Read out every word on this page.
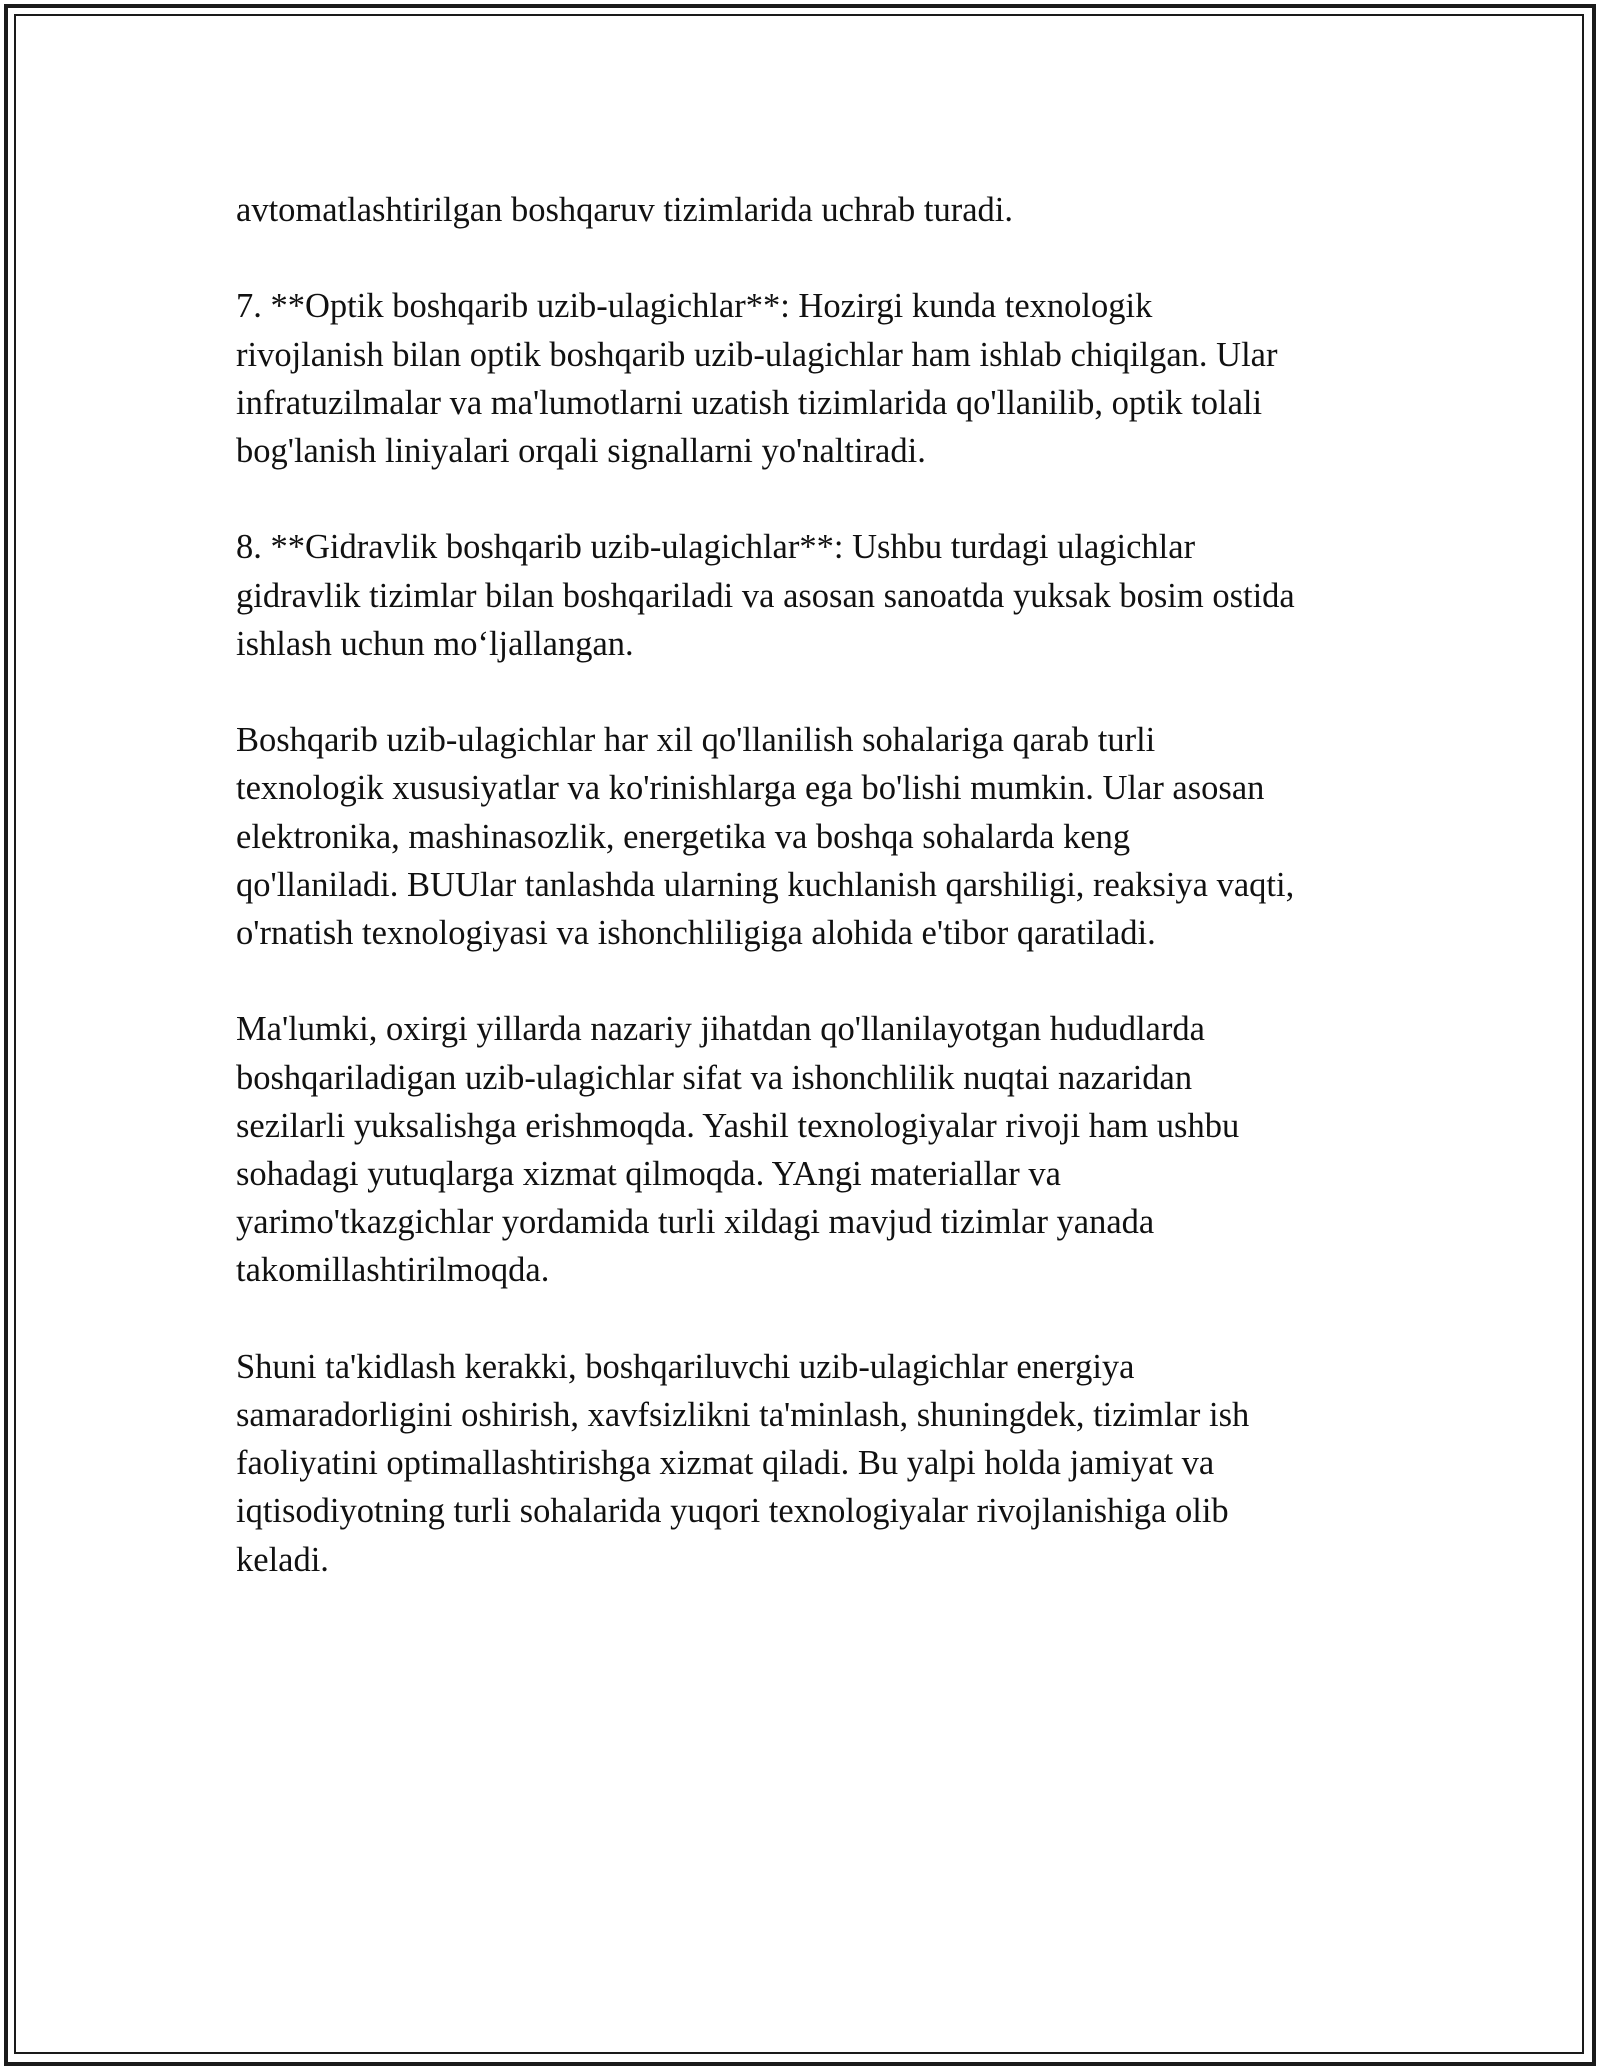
avtomatlashtirilgan boshqaruv tizimlarida uchrab turadi.
7. **Optik boshqarib uzib-ulagichlar**: Hozirgi kunda texnologik
rivojlanish bilan optik boshqarib uzib-ulagichlar ham ishlab chiqilgan. Ular
infratuzilmalar va ma'lumotlarni uzatish tizimlarida qo'llanilib, optik tolali
bog'lanish liniyalari orqali signallarni yo'naltiradi.
8. **Gidravlik boshqarib uzib-ulagichlar**: Ushbu turdagi ulagichlar
gidravlik tizimlar bilan boshqariladi va asosan sanoatda yuksak bosim ostida
ishlash uchun mo‘ljallangan.
Boshqarib uzib-ulagichlar har xil qo'llanilish sohalariga qarab turli
texnologik xususiyatlar va ko'rinishlarga ega bo'lishi mumkin. Ular asosan
elektronika, mashinasozlik, energetika va boshqa sohalarda keng
qo'llaniladi. BUUlar tanlashda ularning kuchlanish qarshiligi, reaksiya vaqti,
o'rnatish texnologiyasi va ishonchliligiga alohida e'tibor qaratiladi.
Ma'lumki, oxirgi yillarda nazariy jihatdan qo'llanilayotgan hududlarda
boshqariladigan uzib-ulagichlar sifat va ishonchlilik nuqtai nazaridan
sezilarli yuksalishga erishmoqda. Yashil texnologiyalar rivoji ham ushbu
sohadagi yutuqlarga xizmat qilmoqda. YAngi materiallar va
yarimo'tkazgichlar yordamida turli xildagi mavjud tizimlar yanada
takomillashtirilmoqda.
Shuni ta'kidlash kerakki, boshqariluvchi uzib-ulagichlar energiya
samaradorligini oshirish, xavfsizlikni ta'minlash, shuningdek, tizimlar ish
faoliyatini optimallashtirishga xizmat qiladi. Bu yalpi holda jamiyat va
iqtisodiyotning turli sohalarida yuqori texnologiyalar rivojlanishiga olib
keladi.
